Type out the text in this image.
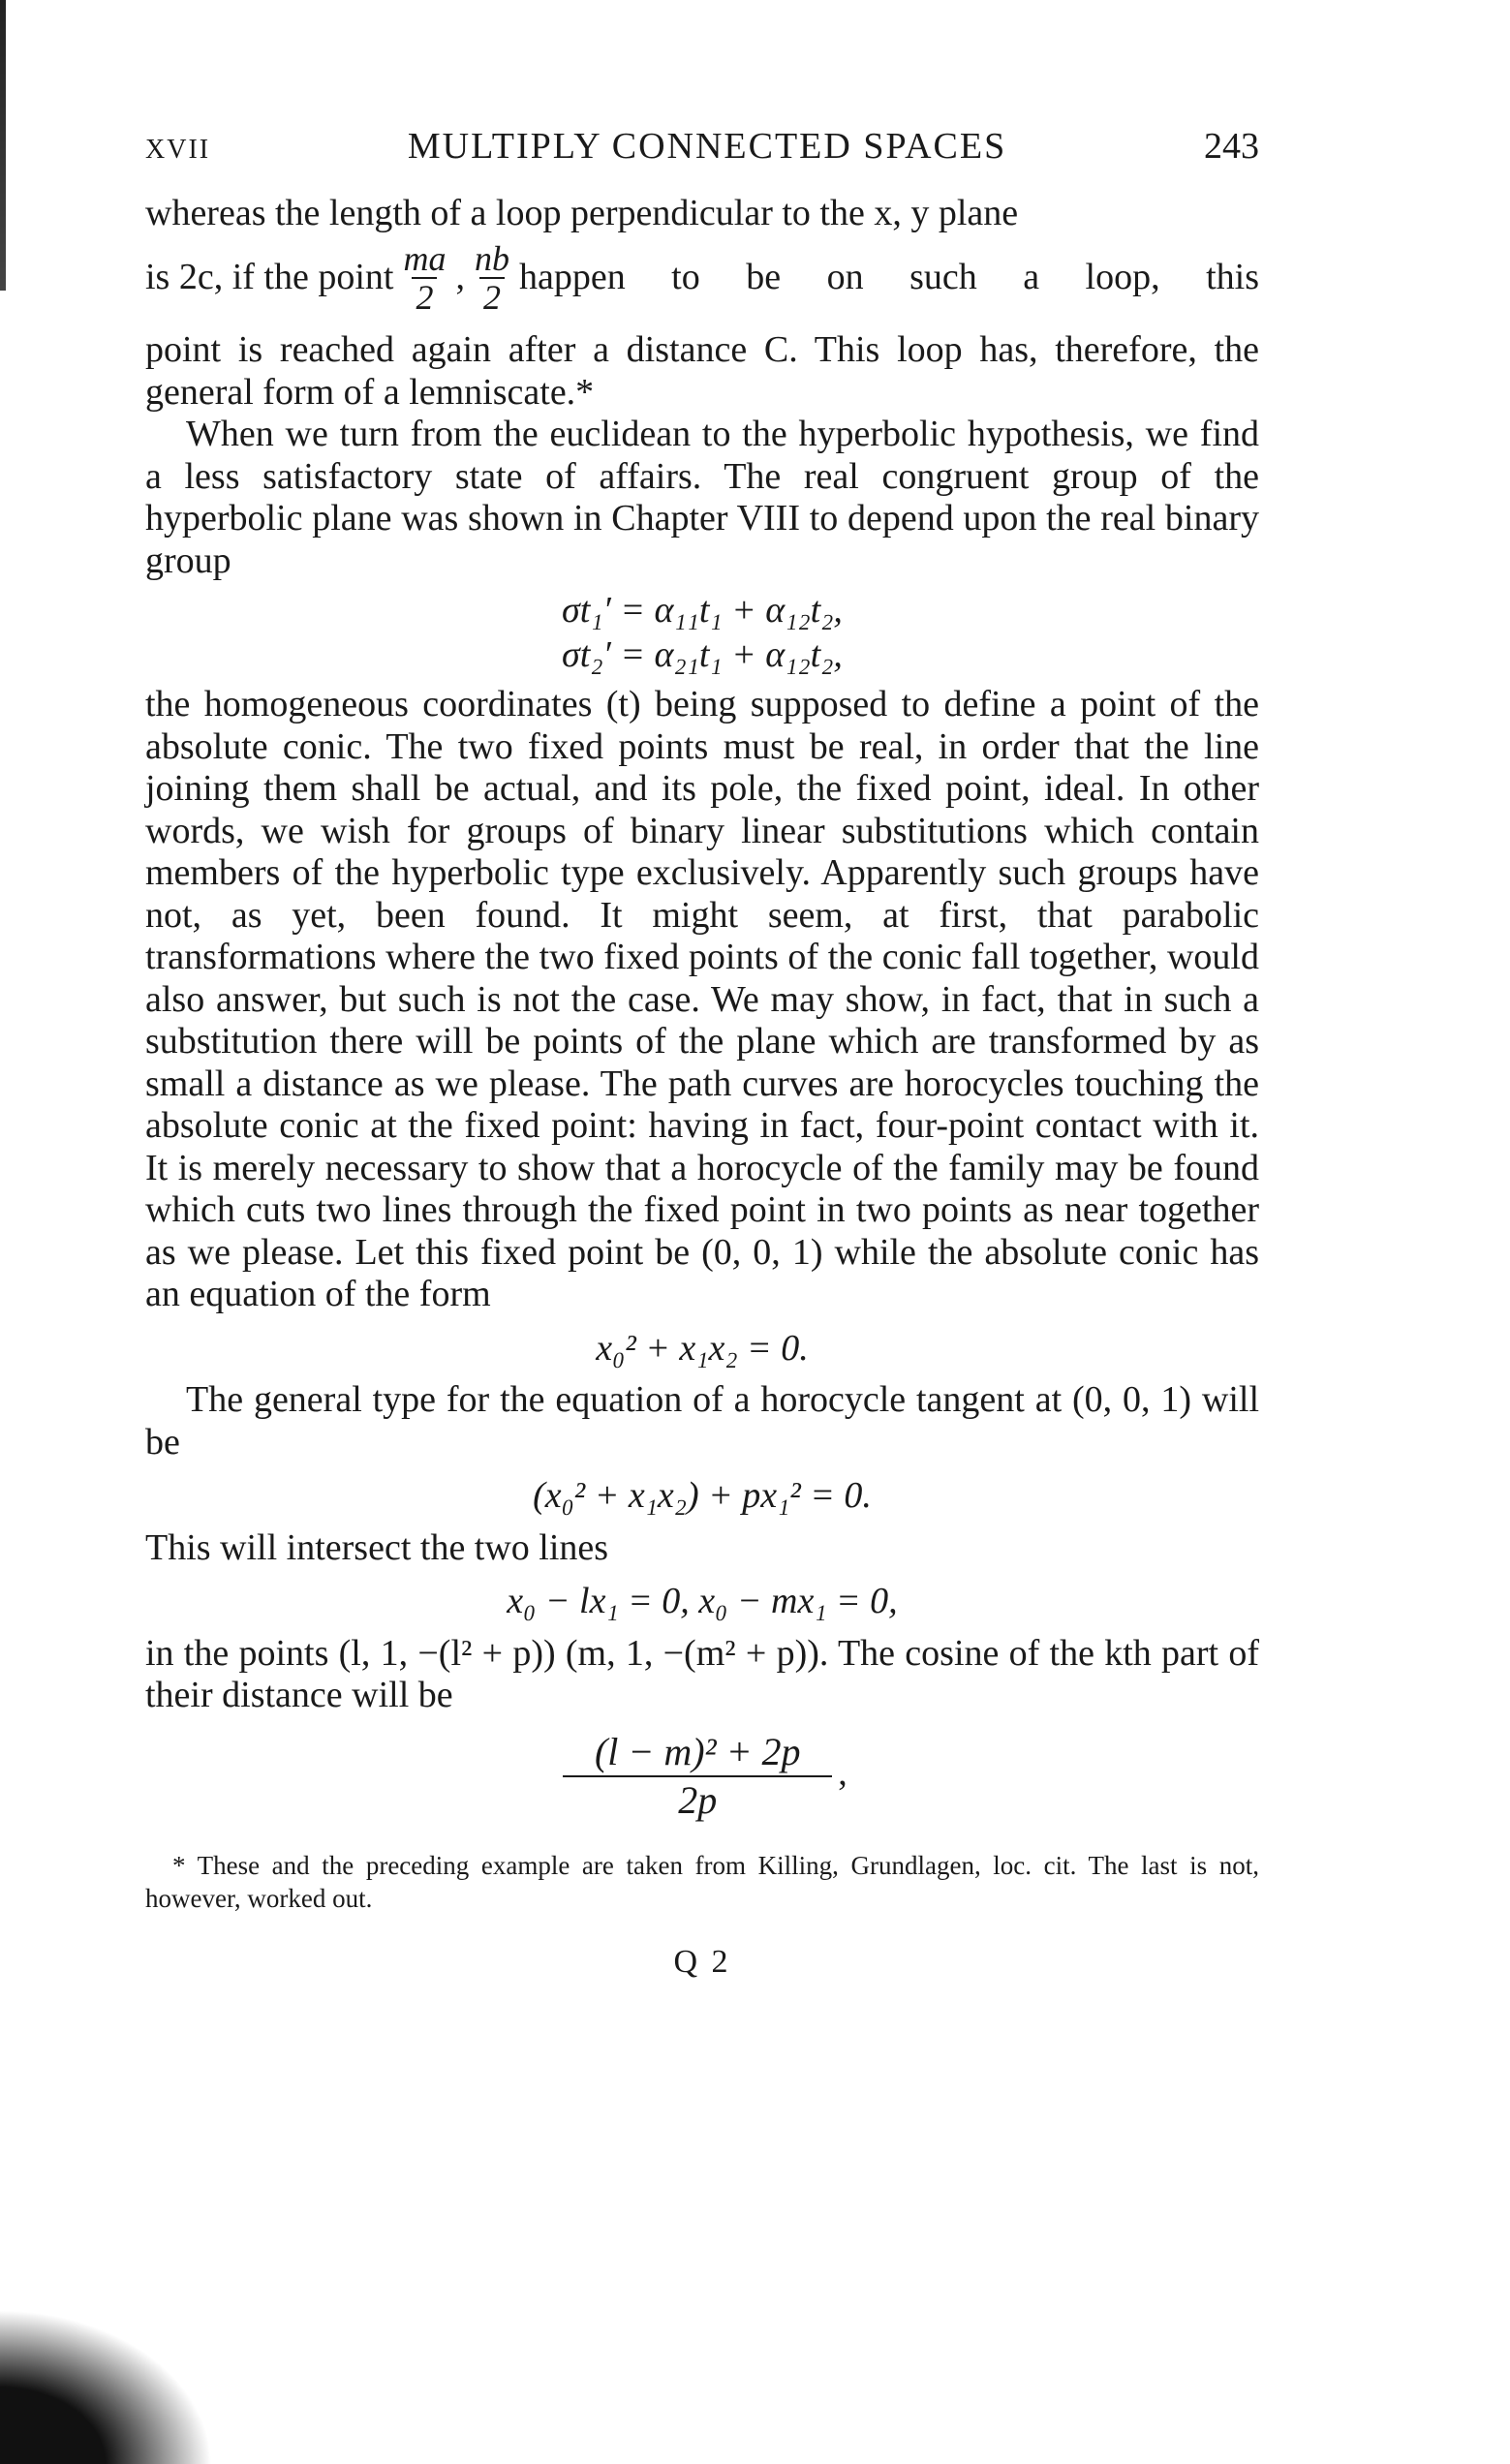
XVII	MULTIPLY CONNECTED SPACES	243

whereas the length of a loop perpendicular to the x, y plane

is 2c, if the point $\frac{ma}{2}$ , $\frac{nb}{2}$ happen to be on such a loop, this

point is reached again after a distance C. This loop has, therefore, the general form of a lemniscate.*

When we turn from the euclidean to the hyperbolic hypothesis, we find a less satisfactory state of affairs. The real congruent group of the hyperbolic plane was shown in Chapter VIII to depend upon the real binary group

σt₁′ = α₁₁t₁ + α₁₂t₂,
σt₂′ = α₂₁t₁ + α₁₂t₂,

the homogeneous coordinates (t) being supposed to define a point of the absolute conic. The two fixed points must be real, in order that the line joining them shall be actual, and its pole, the fixed point, ideal. In other words, we wish for groups of binary linear substitutions which contain members of the hyperbolic type exclusively. Apparently such groups have not, as yet, been found. It might seem, at first, that parabolic transformations where the two fixed points of the conic fall together, would also answer, but such is not the case. We may show, in fact, that in such a substitution there will be points of the plane which are transformed by as small a distance as we please. The path curves are horocycles touching the absolute conic at the fixed point: having in fact, four-point contact with it. It is merely necessary to show that a horocycle of the family may be found which cuts two lines through the fixed point in two points as near together as we please. Let this fixed point be (0, 0, 1) while the absolute conic has an equation of the form

x₀² + x₁x₂ = 0.

The general type for the equation of a horocycle tangent at (0, 0, 1) will be

(x₀² + x₁x₂) + px₁² = 0.

This will intersect the two lines

x₀ − lx₁ = 0, x₀ − mx₁ = 0,

in the points (l, 1, −(l² + p)) (m, 1, −(m² + p)). The cosine of the kth part of their distance will be

$\frac{\text{(l − m)² + 2p}}{2p}$ ,

* These and the preceding example are taken from Killing, Grundlagen, loc. cit. The last is not, however, worked out.

Q 2
